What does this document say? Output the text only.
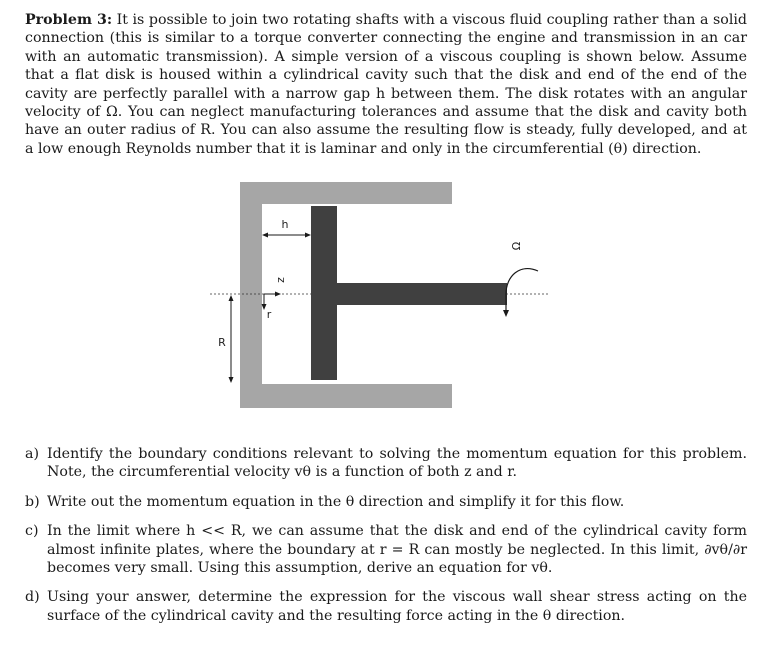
Problem 3: It is possible to join two rotating shafts with a viscous fluid coupling rather than a solid connection (this is similar to a torque converter connecting the engine and transmission in an car with an automatic transmission). A simple version of a viscous coupling is shown below. Assume that a flat disk is housed within a cylindrical cavity such that the disk and end of the end of the cavity are perfectly parallel with a narrow gap h between them. The disk rotates with an angular velocity of Ω. You can neglect manufacturing tolerances and assume that the disk and cavity both have an outer radius of R. You can also assume the resulting flow is steady, fully developed, and at a low enough Reynolds number that it is laminar and only in the circumferential (θ) direction.
h
R
z
r
Ω
a) Identify the boundary conditions relevant to solving the momentum equation for this problem. Note, the circumferential velocity vθ is a function of both z and r.
b) Write out the momentum equation in the θ direction and simplify it for this flow.
c) In the limit where h << R, we can assume that the disk and end of the cylindrical cavity form almost infinite plates, where the boundary at r = R can mostly be neglected. In this limit, ∂vθ/∂r becomes very small. Using this assumption, derive an equation for vθ.
d) Using your answer, determine the expression for the viscous wall shear stress acting on the surface of the cylindrical cavity and the resulting force acting in the θ direction.
